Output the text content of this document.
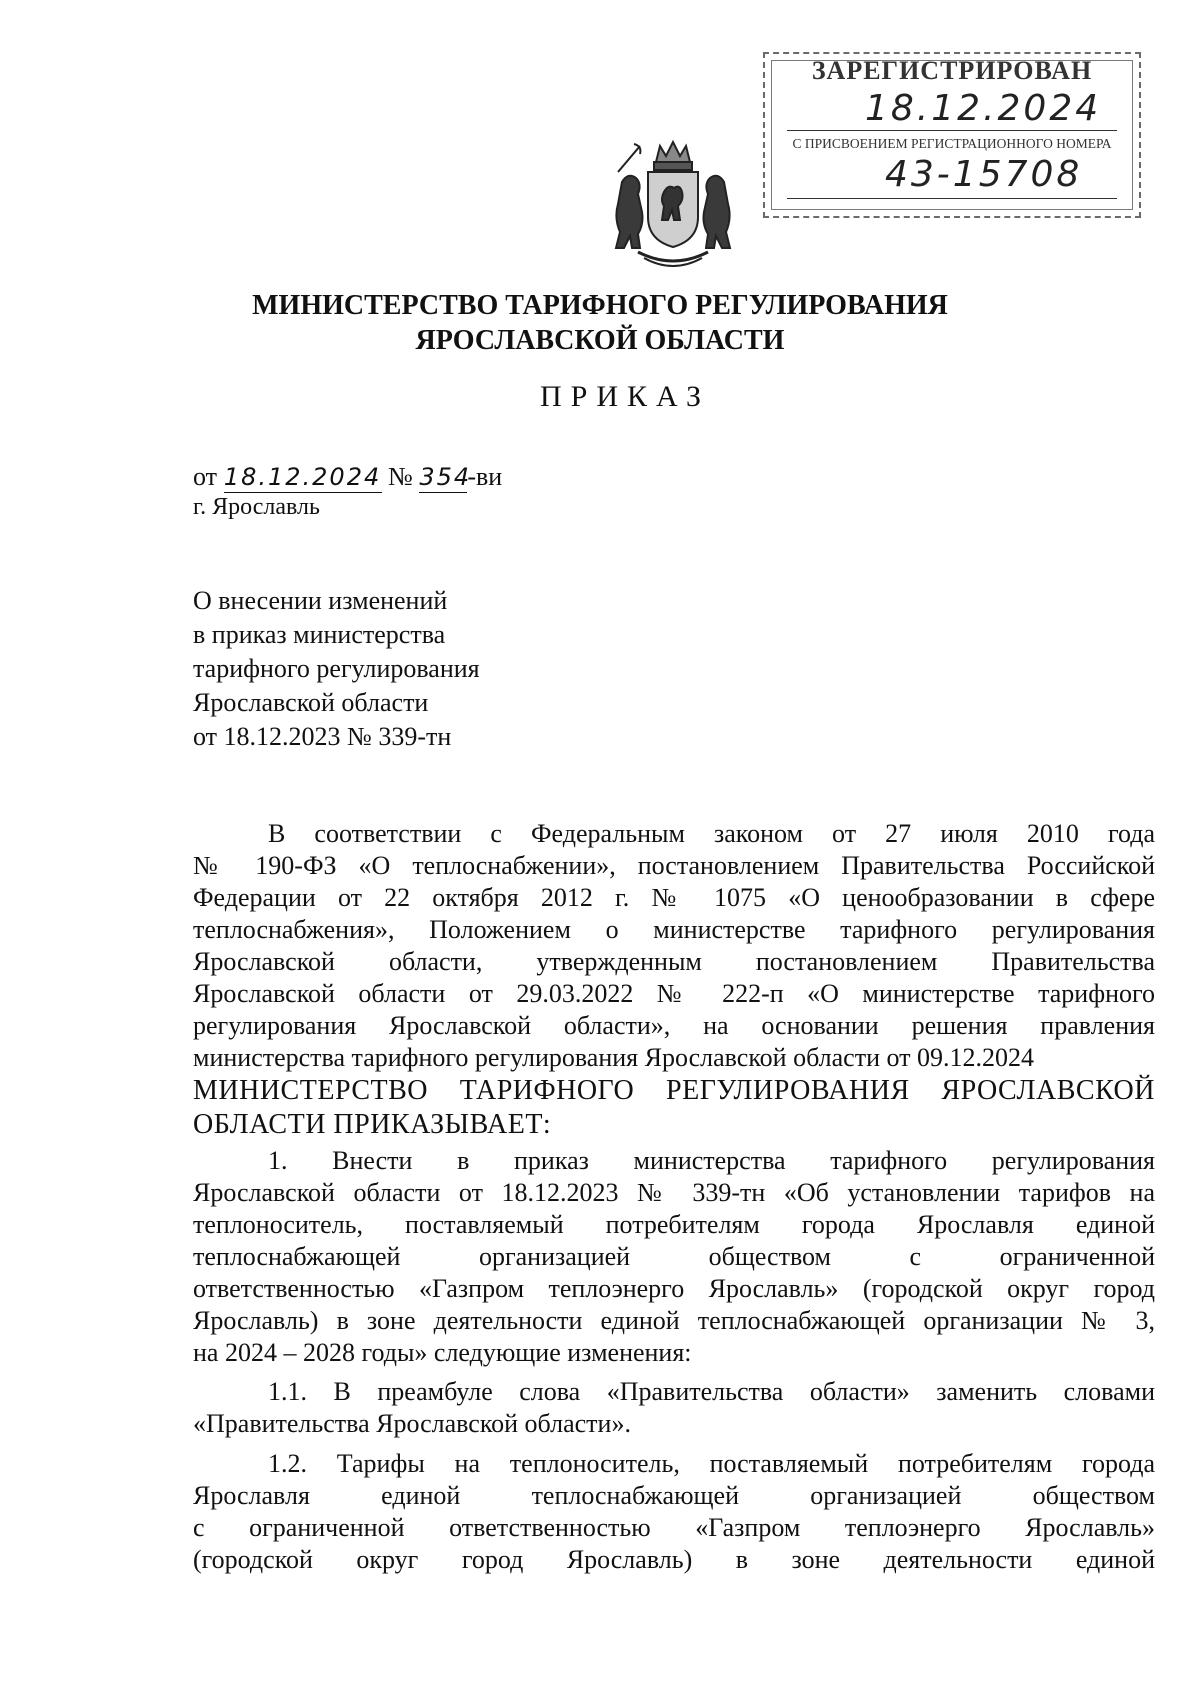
ЗАРЕГИСТРИРОВАН
18.12.2024
С ПРИСВОЕНИЕМ РЕГИСТРАЦИОННОГО НОМЕРА
43-15708
МИНИСТЕРСТВО ТАРИФНОГО РЕГУЛИРОВАНИЯ
ЯРОСЛАВСКОЙ ОБЛАСТИ
ПРИКАЗ
от 18.12.2024 № 354-ви
г. Ярославль
О внесении изменений
в приказ министерства
тарифного регулирования
Ярославской области
от 18.12.2023 № 339-тн
В соответствии с Федеральным законом от 27 июля 2010 года
№ 190-ФЗ «О теплоснабжении», постановлением Правительства Российской
Федерации от 22 октября 2012 г. № 1075 «О ценообразовании в сфере
теплоснабжения», Положением о министерстве тарифного регулирования
Ярославской области, утвержденным постановлением Правительства
Ярославской области от 29.03.2022 № 222-п «О министерстве тарифного
регулирования Ярославской области», на основании решения правления
министерства тарифного регулирования Ярославской области от 09.12.2024
МИНИСТЕРСТВО ТАРИФНОГО РЕГУЛИРОВАНИЯ ЯРОСЛАВСКОЙ
ОБЛАСТИ ПРИКАЗЫВАЕТ:
1. Внести в приказ министерства тарифного регулирования
Ярославской области от 18.12.2023 № 339-тн «Об установлении тарифов на
теплоноситель, поставляемый потребителям города Ярославля единой
теплоснабжающей организацией обществом с ограниченной
ответственностью «Газпром теплоэнерго Ярославль» (городской округ город
Ярославль) в зоне деятельности единой теплоснабжающей организации № 3,
на 2024 – 2028 годы» следующие изменения:
1.1. В преамбуле слова «Правительства области» заменить словами
«Правительства Ярославской области».
1.2. Тарифы на теплоноситель, поставляемый потребителям города
Ярославля единой теплоснабжающей организацией обществом
с ограниченной ответственностью «Газпром теплоэнерго Ярославль»
(городской округ город Ярославль) в зоне деятельности единой
